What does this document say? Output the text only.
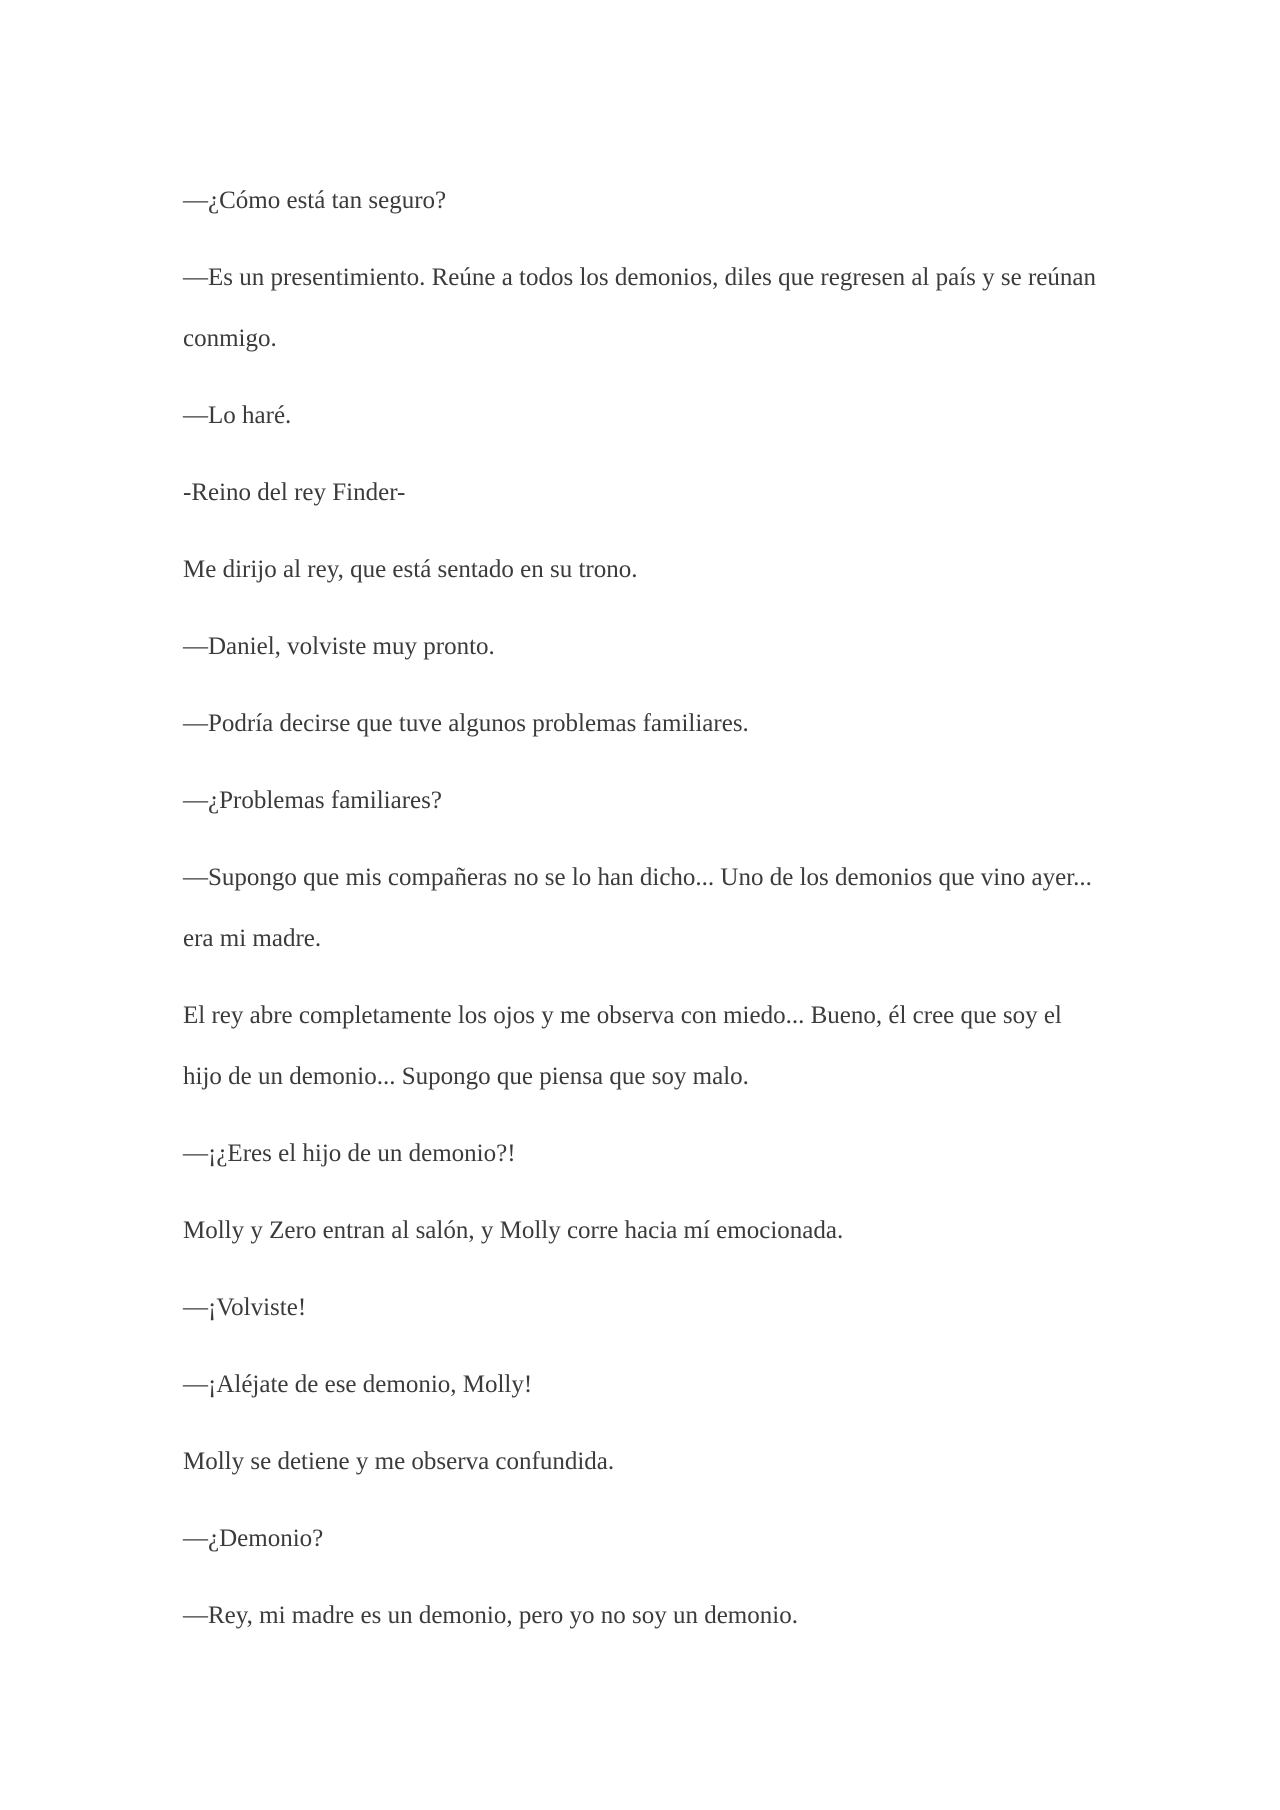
—¿Cómo está tan seguro?

—Es un presentimiento. Reúne a todos los demonios, diles que regresen al país y se reúnan conmigo.

—Lo haré.

-Reino del rey Finder-

Me dirijo al rey, que está sentado en su trono.

—Daniel, volviste muy pronto.

—Podría decirse que tuve algunos problemas familiares.

—¿Problemas familiares?

—Supongo que mis compañeras no se lo han dicho... Uno de los demonios que vino ayer... era mi madre.

El rey abre completamente los ojos y me observa con miedo... Bueno, él cree que soy el hijo de un demonio... Supongo que piensa que soy malo.

—¡¿Eres el hijo de un demonio?!

Molly y Zero entran al salón, y Molly corre hacia mí emocionada.

—¡Volviste!

—¡Aléjate de ese demonio, Molly!

Molly se detiene y me observa confundida.

—¿Demonio?

—Rey, mi madre es un demonio, pero yo no soy un demonio.
